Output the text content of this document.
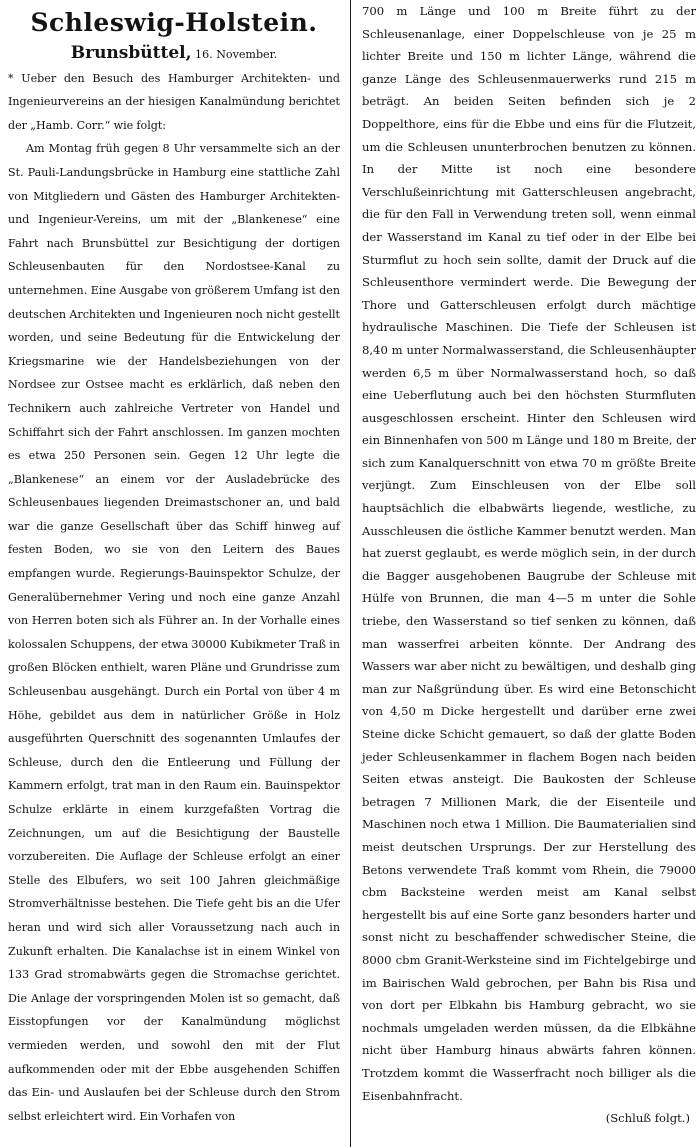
Schleswig-Holstein.

Brunsbüttel, 16. November.

* Ueber den Besuch des Hamburger Architekten- und Ingenieurvereins an der hiesigen Kanalmündung berichtet der „Hamb. Corr.“ wie folgt:

Am Montag früh gegen 8 Uhr versammelte sich an der St. Pauli-Landungsbrücke in Hamburg eine stattliche Zahl von Mitgliedern und Gästen des Hamburger Architekten- und Ingenieur-Vereins, um mit der „Blankenese“ eine Fahrt nach Brunsbüttel zur Besichtigung der dortigen Schleusenbauten für den Nordostsee-Kanal zu unternehmen. Eine Ausgabe von größerem Umfang ist den deutschen Architekten und Ingenieuren noch nicht gestellt worden, und seine Bedeutung für die Entwickelung der Kriegsmarine wie der Handelsbeziehungen von der Nordsee zur Ostsee macht es erklärlich, daß neben den Technikern auch zahlreiche Vertreter von Handel und Schiffahrt sich der Fahrt anschlossen. Im ganzen mochten es etwa 250 Personen sein. Gegen 12 Uhr legte die „Blankenese“ an einem vor der Ausladebrücke des Schleusenbaues liegenden Dreimastschoner an, und bald war die ganze Gesellschaft über das Schiff hinweg auf festen Boden, wo sie von den Leitern des Baues empfangen wurde. Regierungs-Bauinspektor Schulze, der Generalübernehmer Vering und noch eine ganze Anzahl von Herren boten sich als Führer an. In der Vorhalle eines kolossalen Schuppens, der etwa 30000 Kubikmeter Traß in großen Blöcken enthielt, waren Pläne und Grundrisse zum Schleusenbau ausgehängt. Durch ein Portal von über 4 m Höhe, gebildet aus dem in natürlicher Größe in Holz ausgeführten Querschnitt des sogenannten Umlaufes der Schleuse, durch den die Entleerung und Füllung der Kammern erfolgt, trat man in den Raum ein. Bauinspektor Schulze erklärte in einem kurzgefaßten Vortrag die Zeichnungen, um auf die Besichtigung der Baustelle vorzubereiten. Die Auflage der Schleuse erfolgt an einer Stelle des Elbufers, wo seit 100 Jahren gleichmäßige Stromverhältnisse bestehen. Die Tiefe geht bis an die Ufer heran und wird sich aller Voraussetzung nach auch in Zukunft erhalten. Die Kanalachse ist in einem Winkel von 133 Grad stromabwärts gegen die Stromachse gerichtet. Die Anlage der vorspringenden Molen ist so gemacht, daß Eisstopfungen vor der Kanalmündung möglichst vermieden werden, und sowohl den mit der Flut aufkommenden oder mit der Ebbe ausgehenden Schiffen das Ein- und Auslaufen bei der Schleuse durch den Strom selbst erleichtert wird. Ein Vorhafen von

700 m Länge und 100 m Breite führt zu der Schleusenanlage, einer Doppelschleuse von je 25 m lichter Breite und 150 m lichter Länge, während die ganze Länge des Schleusenmauerwerks rund 215 m beträgt. An beiden Seiten befinden sich je 2 Doppelthore, eins für die Ebbe und eins für die Flutzeit, um die Schleusen ununterbrochen benutzen zu können. In der Mitte ist noch eine besondere Verschlußeinrichtung mit Gatterschleusen angebracht, die für den Fall in Verwendung treten soll, wenn einmal der Wasserstand im Kanal zu tief oder in der Elbe bei Sturmflut zu hoch sein sollte, damit der Druck auf die Schleusenthore vermindert werde. Die Bewegung der Thore und Gatterschleusen erfolgt durch mächtige hydraulische Maschinen. Die Tiefe der Schleusen ist 8,40 m unter Normalwasserstand, die Schleusenhäupter werden 6,5 m über Normalwasserstand hoch, so daß eine Ueberflutung auch bei den höchsten Sturmfluten ausgeschlossen erscheint. Hinter den Schleusen wird ein Binnenhafen von 500 m Länge und 180 m Breite, der sich zum Kanalquerschnitt von etwa 70 m größte Breite verjüngt. Zum Einschleusen von der Elbe soll hauptsächlich die elbabwärts liegende, westliche, zu Ausschleusen die östliche Kammer benutzt werden. Man hat zuerst geglaubt, es werde möglich sein, in der durch die Bagger ausgehobenen Baugrube der Schleuse mit Hülfe von Brunnen, die man 4—5 m unter die Sohle triebe, den Wasserstand so tief senken zu können, daß man wasserfrei arbeiten könnte. Der Andrang des Wassers war aber nicht zu bewältigen, und deshalb ging man zur Naßgründung über. Es wird eine Betonschicht von 4,50 m Dicke hergestellt und darüber erne zwei Steine dicke Schicht gemauert, so daß der glatte Boden jeder Schleusenkammer in flachem Bogen nach beiden Seiten etwas ansteigt. Die Baukosten der Schleuse betragen 7 Millionen Mark, die der Eisenteile und Maschinen noch etwa 1 Million. Die Baumaterialien sind meist deutschen Ursprungs. Der zur Herstellung des Betons verwendete Traß kommt vom Rhein, die 79000 cbm Backsteine werden meist am Kanal selbst hergestellt bis auf eine Sorte ganz besonders harter und sonst nicht zu beschaffender schwedischer Steine, die 8000 cbm Granit-Werksteine sind im Fichtelgebirge und im Bairischen Wald gebrochen, per Bahn bis Risa und von dort per Elbkahn bis Hamburg gebracht, wo sie nochmals umgeladen werden müssen, da die Elbkähne nicht über Hamburg hinaus abwärts fahren können. Trotzdem kommt die Wasserfracht noch billiger als die Eisenbahnfracht.

(Schluß folgt.)
